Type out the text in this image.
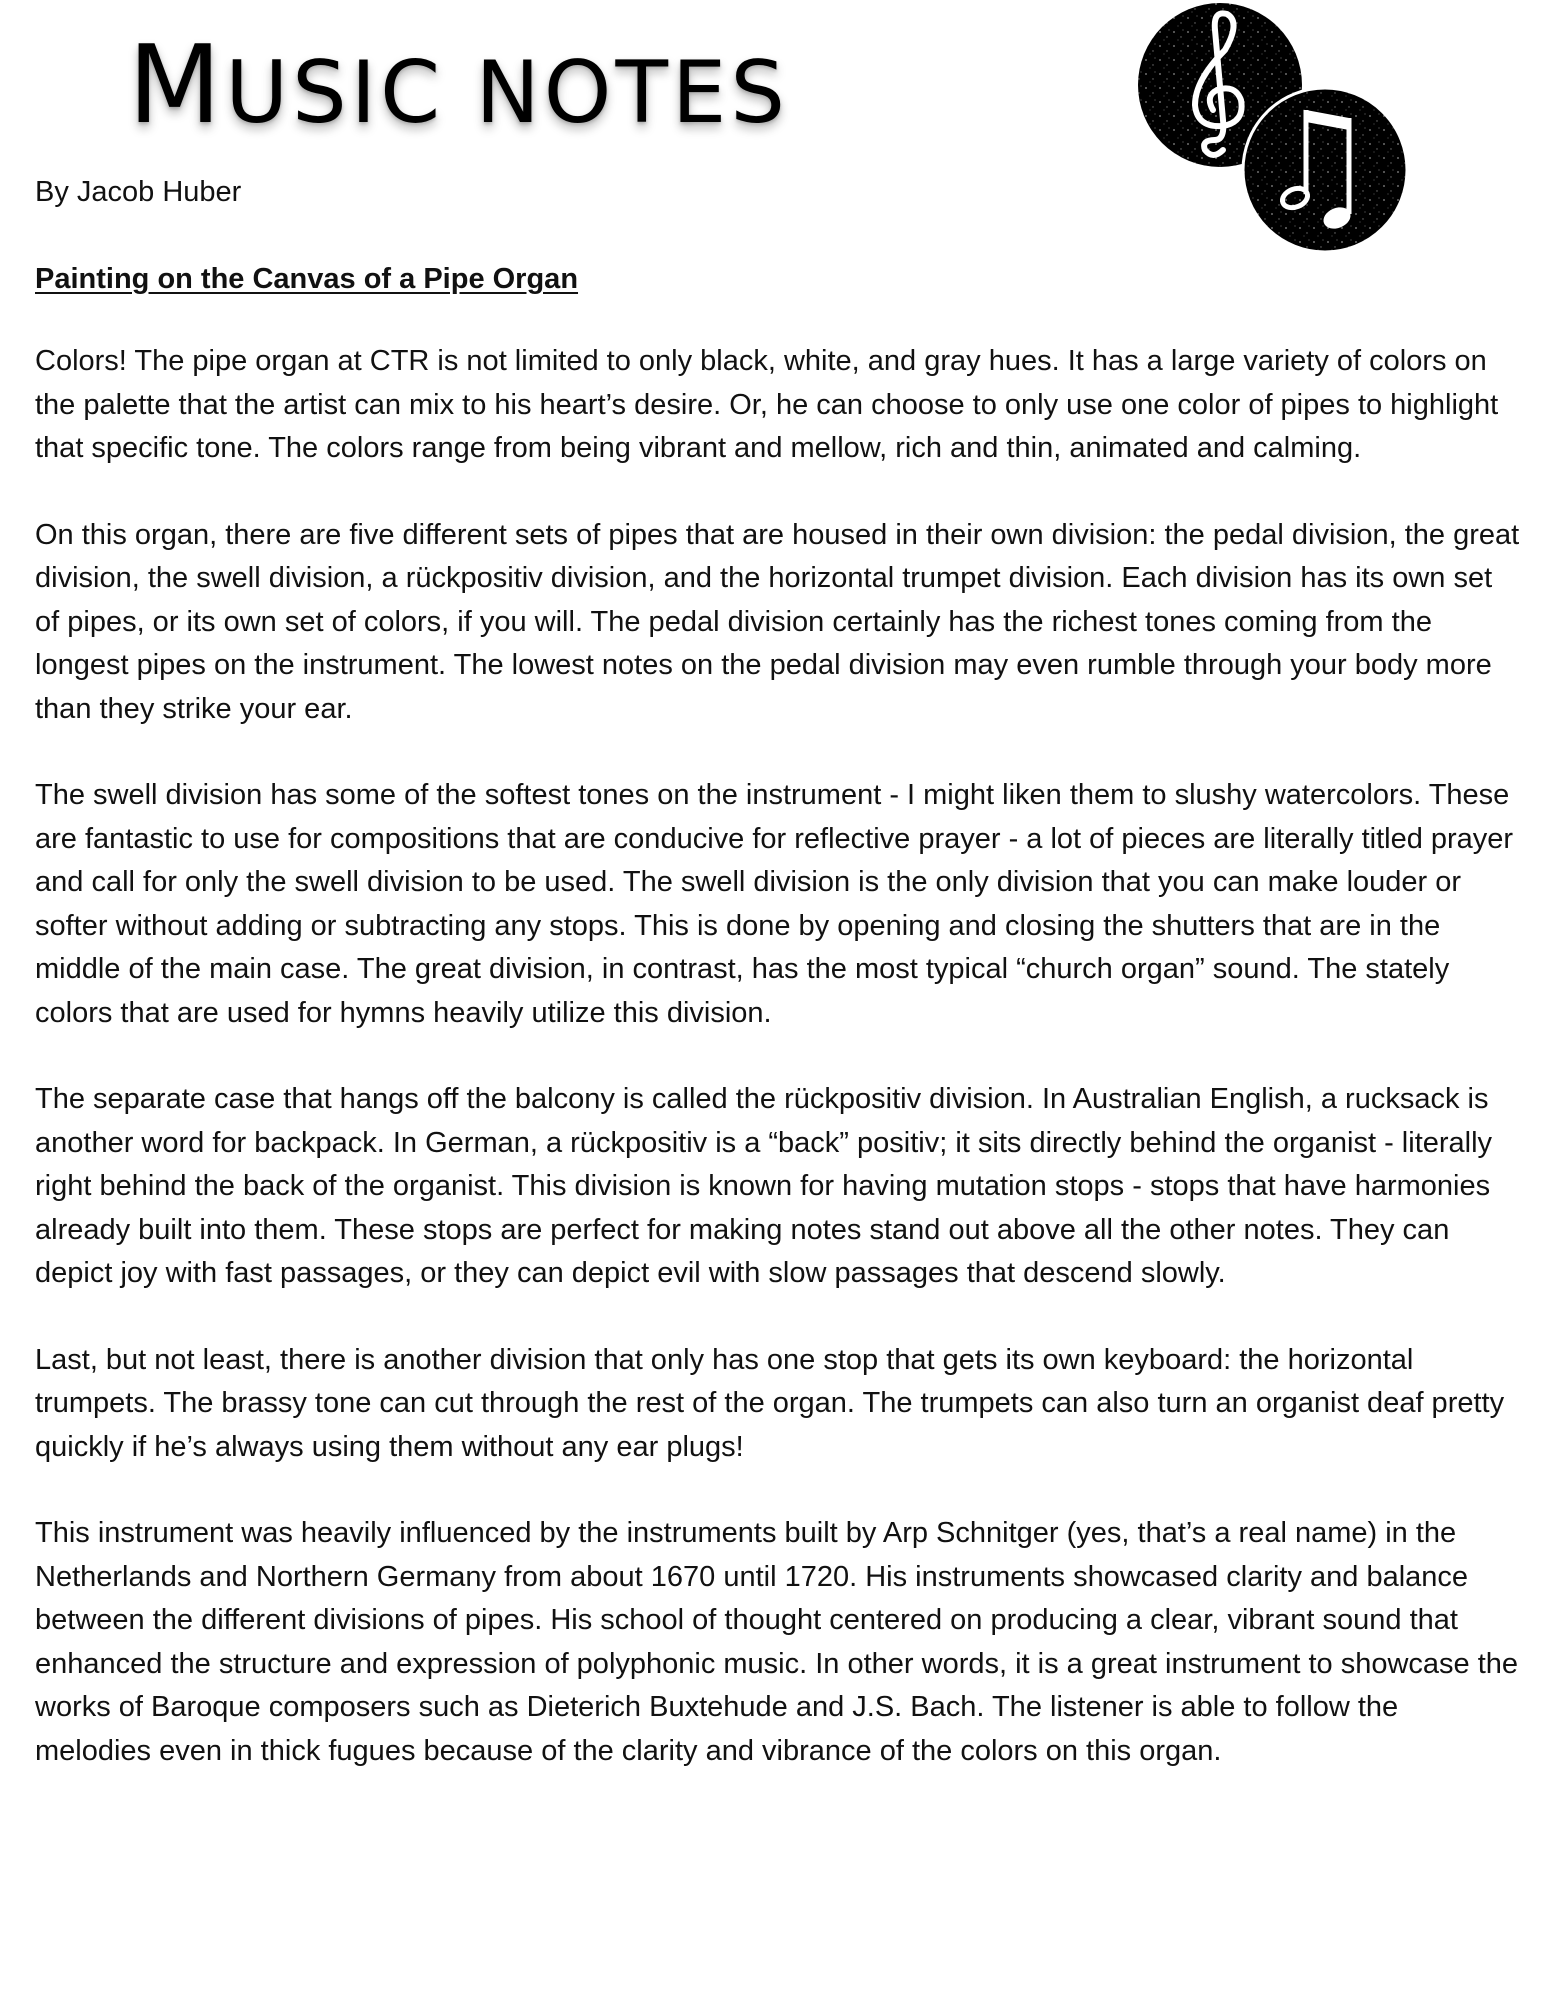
MUSIC NOTES
By Jacob Huber
Painting on the Canvas of a Pipe Organ

Colors! The pipe organ at CTR is not limited to only black, white, and gray hues. It has a large variety of colors on the palette that the artist can mix to his heart’s desire. Or, he can choose to only use one color of pipes to highlight that specific tone. The colors range from being vibrant and mellow, rich and thin, animated and calming.

On this organ, there are five different sets of pipes that are housed in their own division: the pedal division, the great division, the swell division, a rückpositiv division, and the horizontal trumpet division. Each division has its own set of pipes, or its own set of colors, if you will. The pedal division certainly has the richest tones coming from the longest pipes on the instrument. The lowest notes on the pedal division may even rumble through your body more than they strike your ear.

The swell division has some of the softest tones on the instrument - I might liken them to slushy watercolors. These are fantastic to use for compositions that are conducive for reflective prayer - a lot of pieces are literally titled prayer and call for only the swell division to be used. The swell division is the only division that you can make louder or softer without adding or subtracting any stops. This is done by opening and closing the shutters that are in the middle of the main case. The great division, in contrast, has the most typical “church organ” sound. The stately colors that are used for hymns heavily utilize this division.

The separate case that hangs off the balcony is called the rückpositiv division. In Australian English, a rucksack is another word for backpack. In German, a rückpositiv is a “back” positiv; it sits directly behind the organist - literally right behind the back of the organist. This division is known for having mutation stops - stops that have harmonies already built into them. These stops are perfect for making notes stand out above all the other notes. They can depict joy with fast passages, or they can depict evil with slow passages that descend slowly.

Last, but not least, there is another division that only has one stop that gets its own keyboard: the horizontal trumpets. The brassy tone can cut through the rest of the organ. The trumpets can also turn an organist deaf pretty quickly if he’s always using them without any ear plugs!

This instrument was heavily influenced by the instruments built by Arp Schnitger (yes, that’s a real name) in the Netherlands and Northern Germany from about 1670 until 1720. His instruments showcased clarity and balance between the different divisions of pipes. His school of thought centered on producing a clear, vibrant sound that enhanced the structure and expression of polyphonic music. In other words, it is a great instrument to showcase the works of Baroque composers such as Dieterich Buxtehude and J.S. Bach. The listener is able to follow the melodies even in thick fugues because of the clarity and vibrance of the colors on this organ.
